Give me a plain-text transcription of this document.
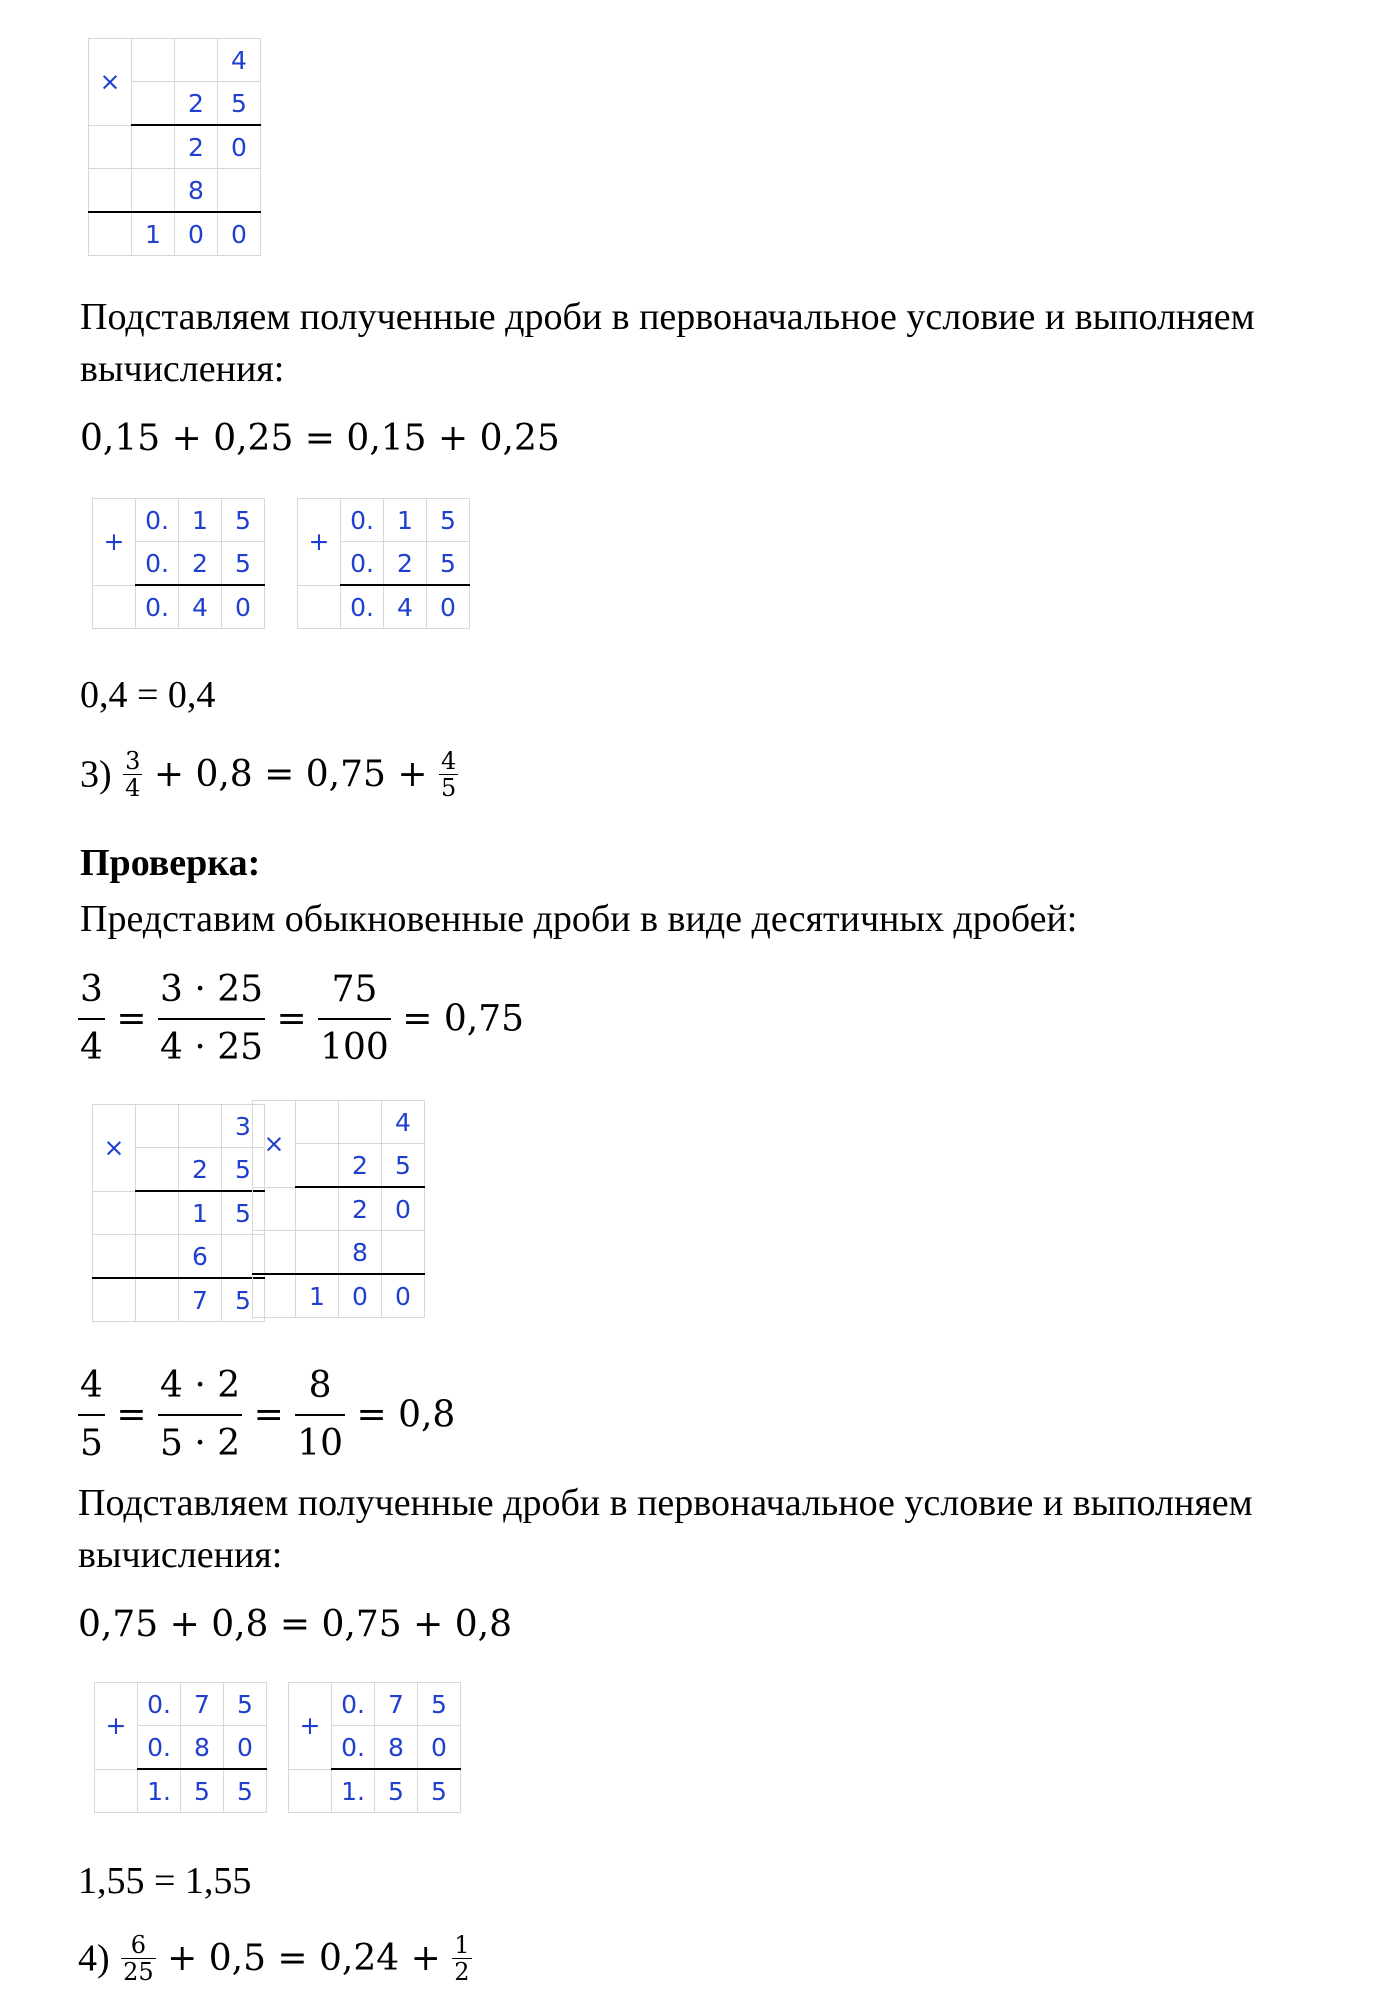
×			4
		2	5
		2	0
		8	
	1	0	0
Подставляем полученные дроби в первоначальное условие и выполняем
вычисления:
0,15 + 0,25 = 0,15 + 0,25
+	0.	1	5
	0.	2	5
	0.	4	0
+	0.	1	5
	0.	2	5
	0.	4	0
0,4 = 0,4
$3) \frac{3}{4} + 0,8 = 0,75 + \frac{4}{5}$
Проверка:
Представим обыкновенные дроби в виде десятичных дробей:
$\frac{3}{4} = \frac{3 \cdot 25}{4 \cdot 25} = \frac{75}{100} = 0,75$
×			3
		2	5
		1	5
		6	
		7	5
×			4
		2	5
		2	0
		8	
	1	0	0
$\frac{4}{5} = \frac{4 \cdot 2}{5 \cdot 2} = \frac{8}{10} = 0,8$
Подставляем полученные дроби в первоначальное условие и выполняем
вычисления:
0,75 + 0,8 = 0,75 + 0,8
+	0.	7	5
	0.	8	0
	1.	5	5
+	0.	7	5
	0.	8	0
	1.	5	5
1,55 = 1,55
$4) \frac{6}{25} + 0,5 = 0,24 + \frac{1}{2}$
